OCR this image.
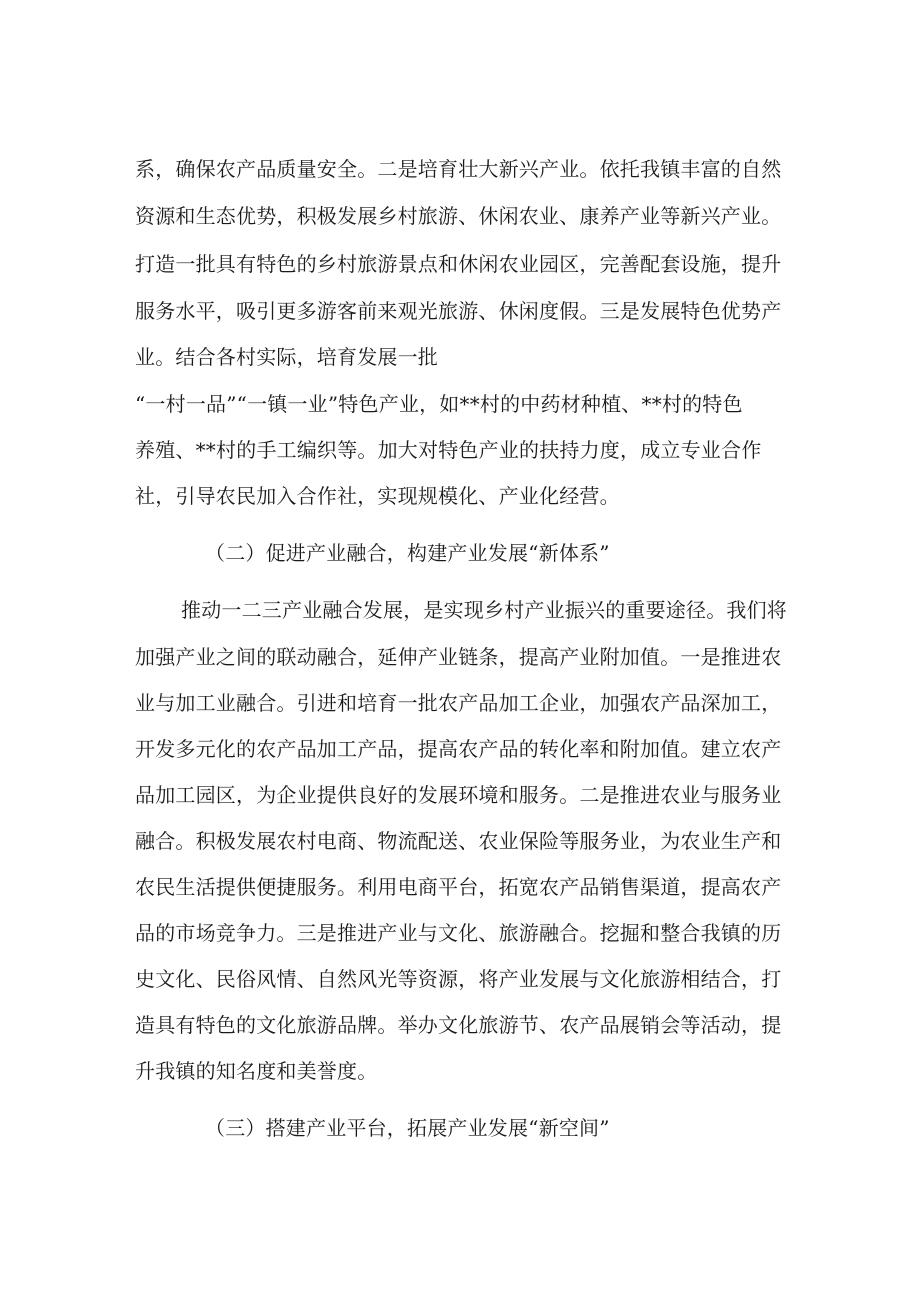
系，确保农产品质量安全。二是培育壮大新兴产业。依托我镇丰富的自然
资源和生态优势，积极发展乡村旅游、休闲农业、康养产业等新兴产业。
打造一批具有特色的乡村旅游景点和休闲农业园区，完善配套设施，提升
服务水平，吸引更多游客前来观光旅游、休闲度假。三是发展特色优势产
业。结合各村实际，培育发展一批
“一村一品”“一镇一业”特色产业，如**村的中药材种植、**村的特色
养殖、**村的手工编织等。加大对特色产业的扶持力度，成立专业合作
社，引导农民加入合作社，实现规模化、产业化经营。
（二）促进产业融合，构建产业发展“新体系”
推动一二三产业融合发展，是实现乡村产业振兴的重要途径。我们将
加强产业之间的联动融合，延伸产业链条，提高产业附加值。一是推进农
业与加工业融合。引进和培育一批农产品加工企业，加强农产品深加工，
开发多元化的农产品加工产品，提高农产品的转化率和附加值。建立农产
品加工园区，为企业提供良好的发展环境和服务。二是推进农业与服务业
融合。积极发展农村电商、物流配送、农业保险等服务业，为农业生产和
农民生活提供便捷服务。利用电商平台，拓宽农产品销售渠道，提高农产
品的市场竞争力。三是推进产业与文化、旅游融合。挖掘和整合我镇的历
史文化、民俗风情、自然风光等资源，将产业发展与文化旅游相结合，打
造具有特色的文化旅游品牌。举办文化旅游节、农产品展销会等活动，提
升我镇的知名度和美誉度。
（三）搭建产业平台，拓展产业发展“新空间”
